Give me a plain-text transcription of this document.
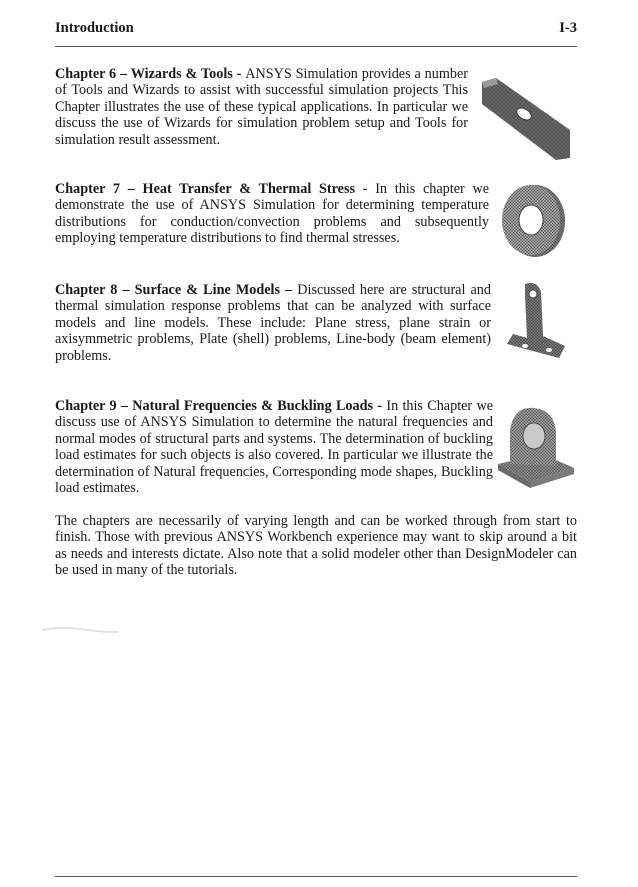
Introduction	I-3
Chapter 6 – Wizards & Tools - ANSYS Simulation provides a number of Tools and Wizards to assist with successful simulation projects This Chapter illustrates the use of these typical applications. In particular we discuss the use of Wizards for simulation problem setup and Tools for simulation result assessment.
Chapter 7 – Heat Transfer & Thermal Stress - In this chapter we demonstrate the use of ANSYS Simulation for determining temperature distributions for conduction/convection problems and subsequently employing temperature distributions to find thermal stresses.
Chapter 8 – Surface & Line Models – Discussed here are structural and thermal simulation response problems that can be analyzed with surface models and line models. These include: Plane stress, plane strain or axisymmetric problems, Plate (shell) problems, Line-body (beam element) problems.
Chapter 9 – Natural Frequencies & Buckling Loads - In this Chapter we discuss use of ANSYS Simulation to determine the natural frequencies and normal modes of structural parts and systems. The determination of buckling load estimates for such objects is also covered. In particular we illustrate the determination of Natural frequencies, Corresponding mode shapes, Buckling load estimates.
The chapters are necessarily of varying length and can be worked through from start to finish. Those with previous ANSYS Workbench experience may want to skip around a bit as needs and interests dictate. Also note that a solid modeler other than DesignModeler can be used in many of the tutorials.
